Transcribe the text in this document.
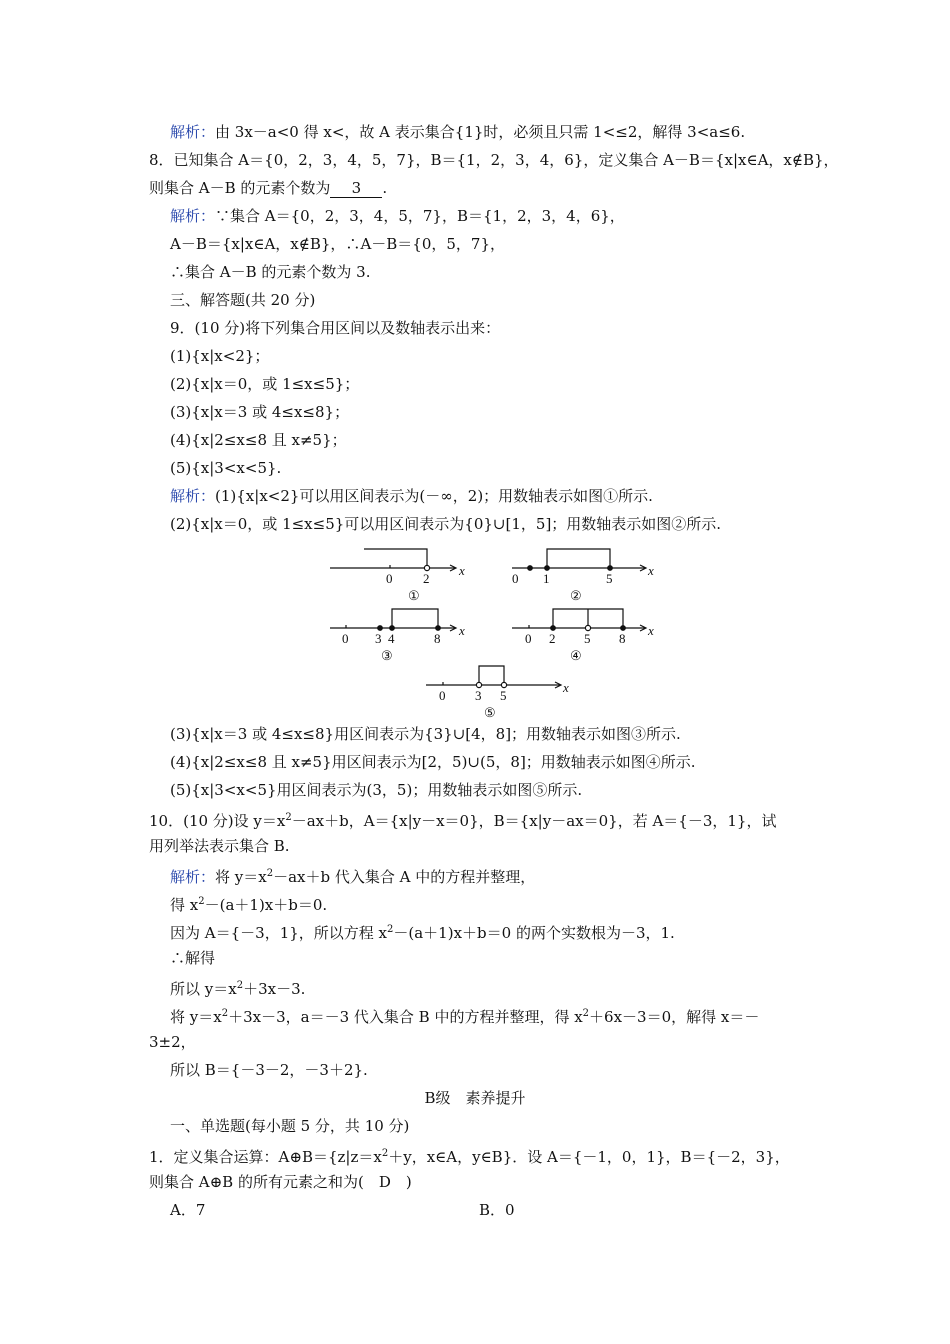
解析：由 3x－a<0 得 x<，故 A 表示集合{1}时，必须且只需 1<≤2，解得 3<a≤6.
8．已知集合 A＝{0，2，3，4，5，7}，B＝{1，2，3，4，6}，定义集合 A－B＝{x|x∈A，x∉B}，
则集合 A－B 的元素个数为 3 .
解析：∵集合 A＝{0，2，3，4，5，7}，B＝{1，2，3，4，6}，
A－B＝{x|x∈A，x∉B}，∴A－B＝{0，5，7}，
∴集合 A－B 的元素个数为 3.
三、解答题(共 20 分)
9．(10 分)将下列集合用区间以及数轴表示出来：
(1){x|x<2}；
(2){x|x＝0，或 1≤x≤5}；
(3){x|x＝3 或 4≤x≤8}；
(4){x|2≤x≤8 且 x≠5}；
(5){x|3<x<5}.
解析：(1){x|x<2}可以用区间表示为(－∞，2)；用数轴表示如图①所示.
(2){x|x＝0，或 1≤x≤5}可以用区间表示为{0}∪[1，5]；用数轴表示如图②所示.
0 2
x
①
0 1	5
x
②
0 3 4	8
x
③
0 2 5 8
x
④
0 3 5
x
⑤
(3){x|x＝3 或 4≤x≤8}用区间表示为{3}∪[4，8]；用数轴表示如图③所示.
(4){x|2≤x≤8 且 x≠5}用区间表示为[2，5)∪(5，8]；用数轴表示如图④所示.
(5){x|3<x<5}用区间表示为(3，5)；用数轴表示如图⑤所示.
10．(10 分)设 $y=x^2-ax+b$，A＝{x|y－x＝0}，B＝{x|y－ax＝0}，若 A＝{－3，1}，试
用列举法表示集合 B.
解析：将 $y=x^2-ax+b$ 代入集合 A 中的方程并整理，
得 $x^2-(a+1)x+b=0$.
因为 A＝{－3，1}，所以方程 $x^2-(a+1)x+b=0$ 的两个实数根为－3，1.
∴解得
所以 $y=x^2+3x-3$.
将 $y=x^2+3x-3$，a＝－3 代入集合 B 中的方程并整理，得 $x^2+6x-3=0$，解得 x＝－
3±2，
所以 B＝{－3－2，－3＋2}.
B级　素养提升
一、单选题(每小题 5 分，共 10 分)
1．定义集合运算：$A\oplus B=\{z|z=x^2+y$，x∈A，y∈B}．设 A＝{－1，0，1}，B＝{－2，3}，
则集合 A⊕B 的所有元素之和为(　D　)
A．7	B．0
